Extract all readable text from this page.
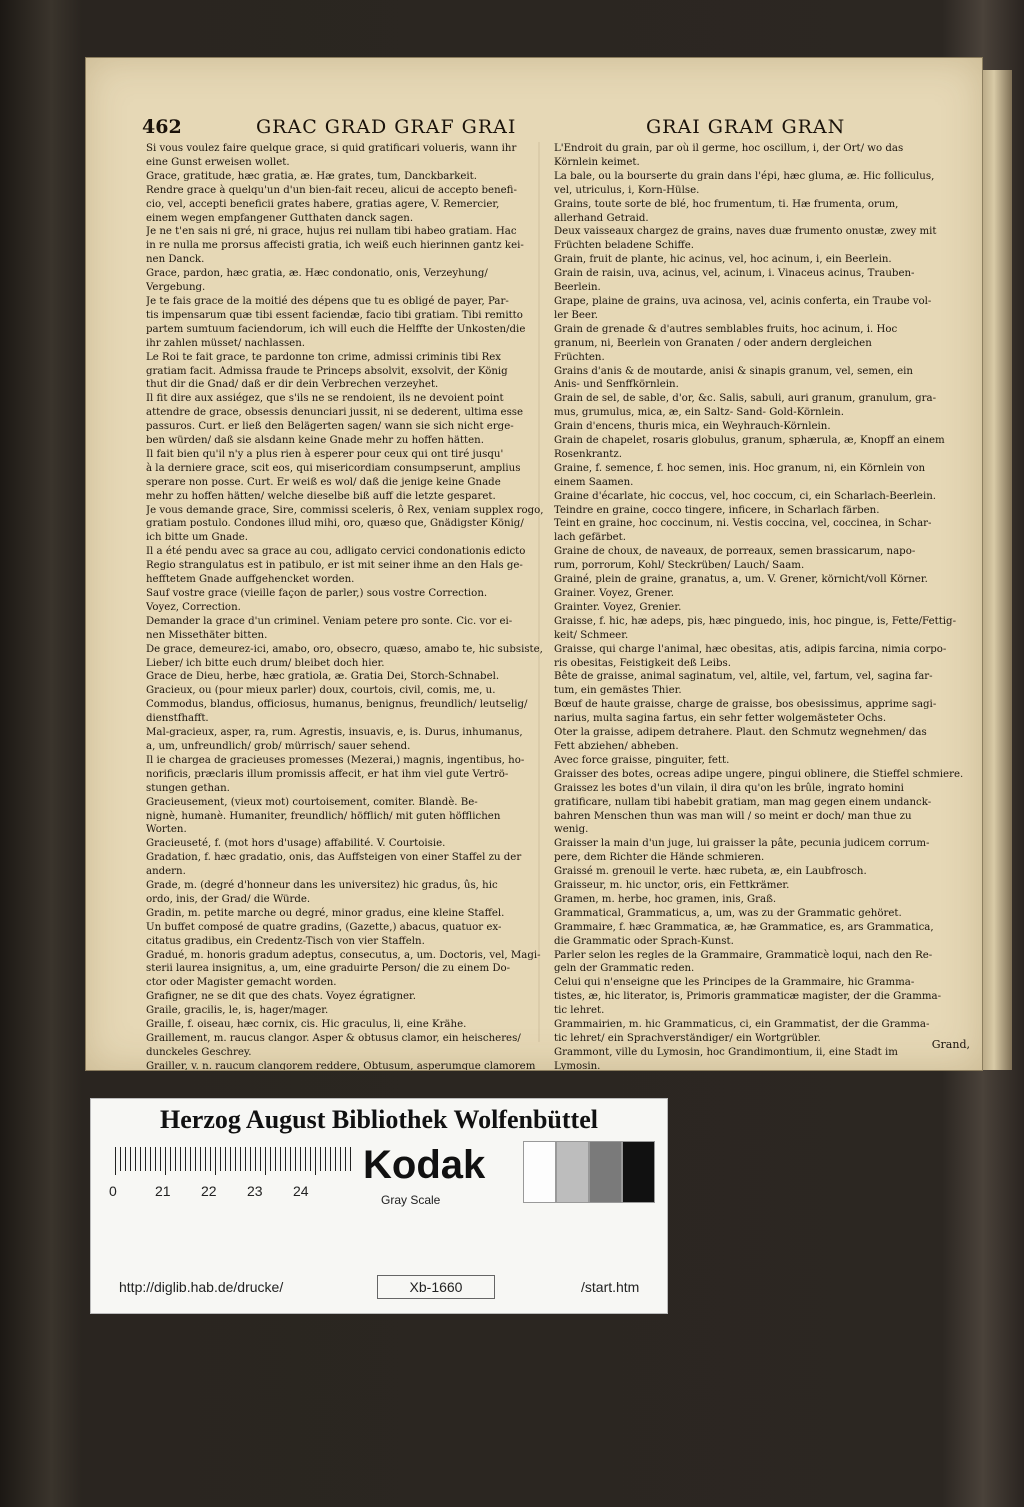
462	GRAC GRAD GRAF GRAI	GRAI GRAM GRAN

Si vous voulez faire quelque grace, si quid gratificari volueris, wann ihr

eine Gunst erweisen wollet.

Grace, gratitude, hæc gratia, æ. Hæ grates, tum, Danckbarkeit.

Rendre grace à quelqu'un d'un bien-fait receu, alicui de accepto benefi-

cio, vel, accepti beneficii grates habere, gratias agere, V. Remercier,

einem wegen empfangener Gutthaten danck sagen.

Je ne t'en sais ni gré, ni grace, hujus rei nullam tibi habeo gratiam. Hac

in re nulla me prorsus affecisti gratia, ich weiß euch hierinnen gantz kei-

nen Danck.

Grace, pardon, hæc gratia, æ. Hæc condonatio, onis, Verzeyhung/

Vergebung.

Je te fais grace de la moitié des dépens que tu es obligé de payer, Par-

tis impensarum quæ tibi essent faciendæ, facio tibi gratiam. Tibi remitto

partem sumtuum faciendorum, ich will euch die Helffte der Unkosten/die

ihr zahlen müsset/ nachlassen.

Le Roi te fait grace, te pardonne ton crime, admissi criminis tibi Rex

gratiam facit. Admissa fraude te Princeps absolvit, exsolvit, der König

thut dir die Gnad/ daß er dir dein Verbrechen verzeyhet.

Il fit dire aux assiégez, que s'ils ne se rendoient, ils ne devoient point

attendre de grace, obsessis denunciari jussit, ni se dederent, ultima esse

passuros. Curt. er ließ den Belägerten sagen/ wann sie sich nicht erge-

ben würden/ daß sie alsdann keine Gnade mehr zu hoffen hätten.

Il fait bien qu'il n'y a plus rien à esperer pour ceux qui ont tiré jusqu'

à la derniere grace, scit eos, qui misericordiam consumpserunt, amplius

sperare non posse. Curt. Er weiß es wol/ daß die jenige keine Gnade

mehr zu hoffen hätten/ welche dieselbe biß auff die letzte gesparet.

Je vous demande grace, Sire, commissi sceleris, ô Rex, veniam supplex rogo,

gratiam postulo. Condones illud mihi, oro, quæso que, Gnädigster König/

ich bitte um Gnade.

Il a été pendu avec sa grace au cou, adligato cervici condonationis edicto

Regio strangulatus est in patibulo, er ist mit seiner ihme an den Hals ge-

hefftetem Gnade auffgehencket worden.

Sauf vostre grace (vieille façon de parler,) sous vostre Correction.

Voyez, Correction.

Demander la grace d'un criminel. Veniam petere pro sonte. Cic. vor ei-

nen Missethäter bitten.

De grace, demeurez-ici, amabo, oro, obsecro, quæso, amabo te, hic subsiste,

Lieber/ ich bitte euch drum/ bleibet doch hier.

Grace de Dieu, herbe, hæc gratiola, æ. Gratia Dei, Storch-Schnabel.

Gracieux, ou (pour mieux parler) doux, courtois, civil, comis, me, u.

Commodus, blandus, officiosus, humanus, benignus, freundlich/ leutselig/

dienstfhafft.

Mal-gracieux, asper, ra, rum. Agrestis, insuavis, e, is. Durus, inhumanus,

a, um, unfreundlich/ grob/ mürrisch/ sauer sehend.

Il ie chargea de gracieuses promesses (Mezerai,) magnis, ingentibus, ho-

norificis, præclaris illum promissis affecit, er hat ihm viel gute Vertrö-

stungen gethan.

Gracieusement, (vieux mot) courtoisement, comiter. Blandè. Be-

nignè, humanè. Humaniter, freundlich/ höfflich/ mit guten höfflichen

Worten.

Gracieuseté, f. (mot hors d'usage) affabilité. V. Courtoisie.

Gradation, f. hæc gradatio, onis, das Auffsteigen von einer Staffel zu der

andern.

Grade, m. (degré d'honneur dans les universitez) hic gradus, ûs, hic

ordo, inis, der Grad/ die Würde.

Gradin, m. petite marche ou degré, minor gradus, eine kleine Staffel.

Un buffet composé de quatre gradins, (Gazette,) abacus, quatuor ex-

citatus gradibus, ein Credentz-Tisch von vier Staffeln.

Gradué, m. honoris gradum adeptus, consecutus, a, um. Doctoris, vel, Magi-

sterii laurea insignitus, a, um, eine graduirte Person/ die zu einem Do-

ctor oder Magister gemacht worden.

Grafigner, ne se dit que des chats. Voyez égratigner.

Graile, gracilis, le, is, hager/mager.

Graille, f. oiseau, hæc cornix, cis. Hic graculus, li, eine Krähe.

Graillement, m. raucus clangor. Asper & obtusus clamor, ein heischeres/

dunckeles Geschrey.

Grailler, v. n. raucum clangorem reddere, Obtusum, asperumque clamorem

L'Endroit du grain, par où il germe, hoc oscillum, i, der Ort/ wo das

Körnlein keimet.

La bale, ou la bourserte du grain dans l'épi, hæc gluma, æ. Hic folliculus,

vel, utriculus, i, Korn-Hülse.

Grains, toute sorte de blé, hoc frumentum, ti. Hæ frumenta, orum,

allerhand Getraid.

Deux vaisseaux chargez de grains, naves duæ frumento onustæ, zwey mit

Früchten beladene Schiffe.

Grain, fruit de plante, hic acinus, vel, hoc acinum, i, ein Beerlein.

Grain de raisin, uva, acinus, vel, acinum, i. Vinaceus acinus, Trauben-

Beerlein.

Grape, plaine de grains, uva acinosa, vel, acinis conferta, ein Traube vol-

ler Beer.

Grain de grenade & d'autres semblables fruits, hoc acinum, i. Hoc

granum, ni, Beerlein von Granaten / oder andern dergleichen

Früchten.

Grains d'anis & de moutarde, anisi & sinapis granum, vel, semen, ein

Anis- und Senffkörnlein.

Grain de sel, de sable, d'or, &c. Salis, sabuli, auri granum, granulum, gra-

mus, grumulus, mica, æ, ein Saltz- Sand- Gold-Körnlein.

Grain d'encens, thuris mica, ein Weyhrauch-Körnlein.

Grain de chapelet, rosaris globulus, granum, sphærula, æ, Knopff an einem

Rosenkrantz.

Graine, f. semence, f. hoc semen, inis. Hoc granum, ni, ein Körnlein von

einem Saamen.

Graine d'écarlate, hic coccus, vel, hoc coccum, ci, ein Scharlach-Beerlein.

Teindre en graine, cocco tingere, inficere, in Scharlach färben.

Teint en graine, hoc coccinum, ni. Vestis coccina, vel, coccinea, in Schar-

lach gefärbet.

Graine de choux, de naveaux, de porreaux, semen brassicarum, napo-

rum, porrorum, Kohl/ Steckrüben/ Lauch/ Saam.

Grainé, plein de graine, granatus, a, um. V. Grener, körnicht/voll Körner.

Grainer. Voyez, Grener.

Grainter. Voyez, Grenier.

Graisse, f. hic, hæ adeps, pis, hæc pinguedo, inis, hoc pingue, is, Fette/Fettig-

keit/ Schmeer.

Graisse, qui charge l'animal, hæc obesitas, atis, adipis farcina, nimia corpo-

ris obesitas, Feistigkeit deß Leibs.

Bête de graisse, animal saginatum, vel, altile, vel, fartum, vel, sagina far-

tum, ein gemästes Thier.

Bœuf de haute graisse, charge de graisse, bos obesissimus, apprime sagi-

narius, multa sagina fartus, ein sehr fetter wolgemästeter Ochs.

Oter la graisse, adipem detrahere. Plaut. den Schmutz wegnehmen/ das

Fett abziehen/ abheben.

Avec force graisse, pinguiter, fett.

Graisser des botes, ocreas adipe ungere, pingui oblinere, die Stieffel schmiere.

Graissez les botes d'un vilain, il dira qu'on les brûle, ingrato homini

gratificare, nullam tibi habebit gratiam, man mag gegen einem undanck-

bahren Menschen thun was man will / so meint er doch/ man thue zu

wenig.

Graisser la main d'un juge, lui graisser la pâte, pecunia judicem corrum-

pere, dem Richter die Hände schmieren.

Graissé m. grenouil le verte. hæc rubeta, æ, ein Laubfrosch.

Graisseur, m. hic unctor, oris, ein Fettkrämer.

Gramen, m. herbe, hoc gramen, inis, Graß.

Grammatical, Grammaticus, a, um, was zu der Grammatic gehöret.

Grammaire, f. hæc Grammatica, æ, hæ Grammatice, es, ars Grammatica,

die Grammatic oder Sprach-Kunst.

Parler selon les regles de la Grammaire, Grammaticè loqui, nach den Re-

geln der Grammatic reden.

Celui qui n'enseigne que les Principes de la Grammaire, hic Gramma-

tistes, æ, hic literator, is, Primoris grammaticæ magister, der die Gramma-

tic lehret.

Grammairien, m. hic Grammaticus, ci, ein Grammatist, der die Gramma-

tic lehret/ ein Sprachverständiger/ ein Wortgrübler.

Grammont, ville du Lymosin, hoc Grandimontium, ii, eine Stadt im

Lymosin.

Grand,
Herzog August Bibliothek Wolfenbüttel
0	21 22 23 24
Kodak
Gray Scale
http://diglib.hab.de/drucke/	Xb-1660	/start.htm
